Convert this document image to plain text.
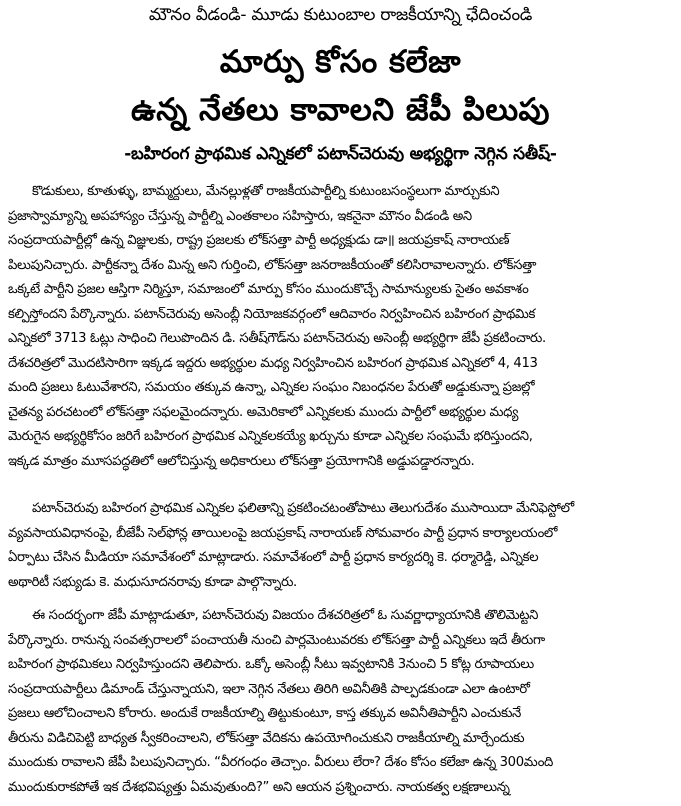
మౌనం వీడండి- మూడు కుటుంబాల రాజకీయాన్ని ఛేదించండి
మార్పు కోసం కలేజా
ఉన్న నేతలు కావాలని జేపీ పిలుపు
-బహిరంగ ప్రాథమిక ఎన్నికలో పటాన్‌చెరువు అభ్యర్థిగా నెగ్గిన సతీష్-
కొడుకులు, కూతుళ్ళు, బామ్మర్దులు, మేనల్లుళ్లతో రాజకీయపార్టీల్ని కుటుంబసంస్థలుగా మార్చుకుని
ప్రజాస్వామ్యాన్ని అపహాస్యం చేస్తున్న పార్టీల్ని ఎంతకాలం సహిస్తారు, ఇకనైనా మౌనం వీడండి అని
సంప్రదాయపార్టీల్లో ఉన్న విజ్ఞులకు, రాష్ట్ర ప్రజలకు లోక్‌సత్తా పార్టీ అధ్యక్షుడు డా॥ జయప్రకాష్ నారాయణ్
పిలుపునిచ్చారు. పార్టీకన్నా దేశం మిన్న అని గుర్తించి, లోక్‌సత్తా జనరాజకీయంతో కలిసిరావాలన్నారు. లోక్‌సత్తా
ఒక్కటే పార్టీని ప్రజల ఆస్తిగా నిర్మిస్తూ, సమాజంలో మార్పు కోసం ముందుకొచ్చే సామాన్యులకు సైతం అవకాశం
కల్పిస్తోందని పేర్కొన్నారు. పటాన్‌చెరువు అసెంబ్లీ నియోజకవర్గంలో ఆదివారం నిర్వహించిన బహిరంగ ప్రాథమిక
ఎన్నికలో 3713 ఓట్లు సాధించి గెలుపొందిన డి. సతీష్‌గౌడ్‌ను పటాన్‌చెరువు అసెంబ్లీ అభ్యర్థిగా జేపీ ప్రకటించారు.
దేశచరిత్రలో మొదటిసారిగా ఇక్కడ ఇద్దరు అభ్యర్థుల మధ్య నిర్వహించిన బహిరంగ ప్రాథమిక ఎన్నికలో 4, 413
మంది ప్రజలు ఓటువేశారని, సమయం తక్కువ ఉన్నా, ఎన్నికల సంఘం నిబంధనల పేరుతో అడ్డుకున్నా ప్రజల్లో
చైతన్య పరచటంలో లోక్‌సత్తా సఫలమైందన్నారు. అమెరికాలో ఎన్నికలకు ముందు పార్టీలో అభ్యర్థుల మధ్య
మెరుగైన అభ్యర్థికోసం జరిగే బహిరంగ ప్రాథమిక ఎన్నికలకయ్యే ఖర్చును కూడా ఎన్నికల సంఘమే భరిస్తుందని,
ఇక్కడ మాత్రం మూసపద్ధతిలో ఆలోచిస్తున్న అధికారులు లోక్‌సత్తా ప్రయోగానికి అడ్డుపడ్డారన్నారు.
పటాన్‌చెరువు బహిరంగ ప్రాథమిక ఎన్నికల ఫలితాన్ని ప్రకటించటంతోపాటు తెలుగుదేశం ముసాయిదా మేనిఫెస్టోలో
వ్యవసాయవిధానంపై, బీజేపీ సెల్‌ఫోన్ల తాయిలంపై జయప్రకాష్ నారాయణ్ సోమవారం పార్టీ ప్రధాన కార్యాలయంలో
ఏర్పాటు చేసిన మీడియా సమావేశంలో మాట్లాడారు. సమావేశంలో పార్టీ ప్రధాన కార్యదర్శి కె. ధర్మారెడ్డి, ఎన్నికల
అథారిటీ సభ్యుడు కె. మధుసూదనరావు కూడా పాల్గొన్నారు.
ఈ సందర్భంగా జేపీ మాట్లాడుతూ, పటాన్‌చెరువు విజయం దేశచరిత్రలో ఓ సువర్ణాధ్యాయానికి తొలిమెట్టని
పేర్కొన్నారు. రానున్న సంవత్సరాలలో పంచాయతీ నుంచి పార్లమెంటువరకు లోక్‌సత్తా పార్టీ ఎన్నికలు ఇదే తీరుగా
బహిరంగ ప్రాథమికలు నిర్వహిస్తుందని తెలిపారు. ఒక్కో అసెంబ్లీ సీటు ఇవ్వటానికి 3నుంచి 5 కోట్ల రూపాయలు
సంప్రదాయపార్టీలు డిమాండ్ చేస్తున్నాయని, ఇలా నెగ్గిన నేతలు తిరిగి అవినీతికి పాల్పడకుండా ఎలా ఉంటారో
ప్రజలు ఆలోచించాలని కోరారు. అందుకే రాజకీయాల్ని తిట్టుకుంటూ, కాస్త తక్కువ అవినీతిపార్టీని ఎంచుకునే
తీరును విడిచిపెట్టి బాధ్యత స్వీకరించాలని, లోక్‌సత్తా వేదికను ఉపయోగించుకుని రాజకీయాల్ని మార్చేందుకు
ముందుకు రావాలని జేపీ పిలుపునిచ్చారు. “వీరగంధం తెచ్చాం. వీరులు లేరా? దేశం కోసం కలేజా ఉన్న 300మంది
ముందుకురాకపోతే ఇక దేశభవిష్యత్తు ఏమవుతుంది?” అని ఆయన ప్రశ్నించారు. నాయకత్వ లక్షణాలున్న
